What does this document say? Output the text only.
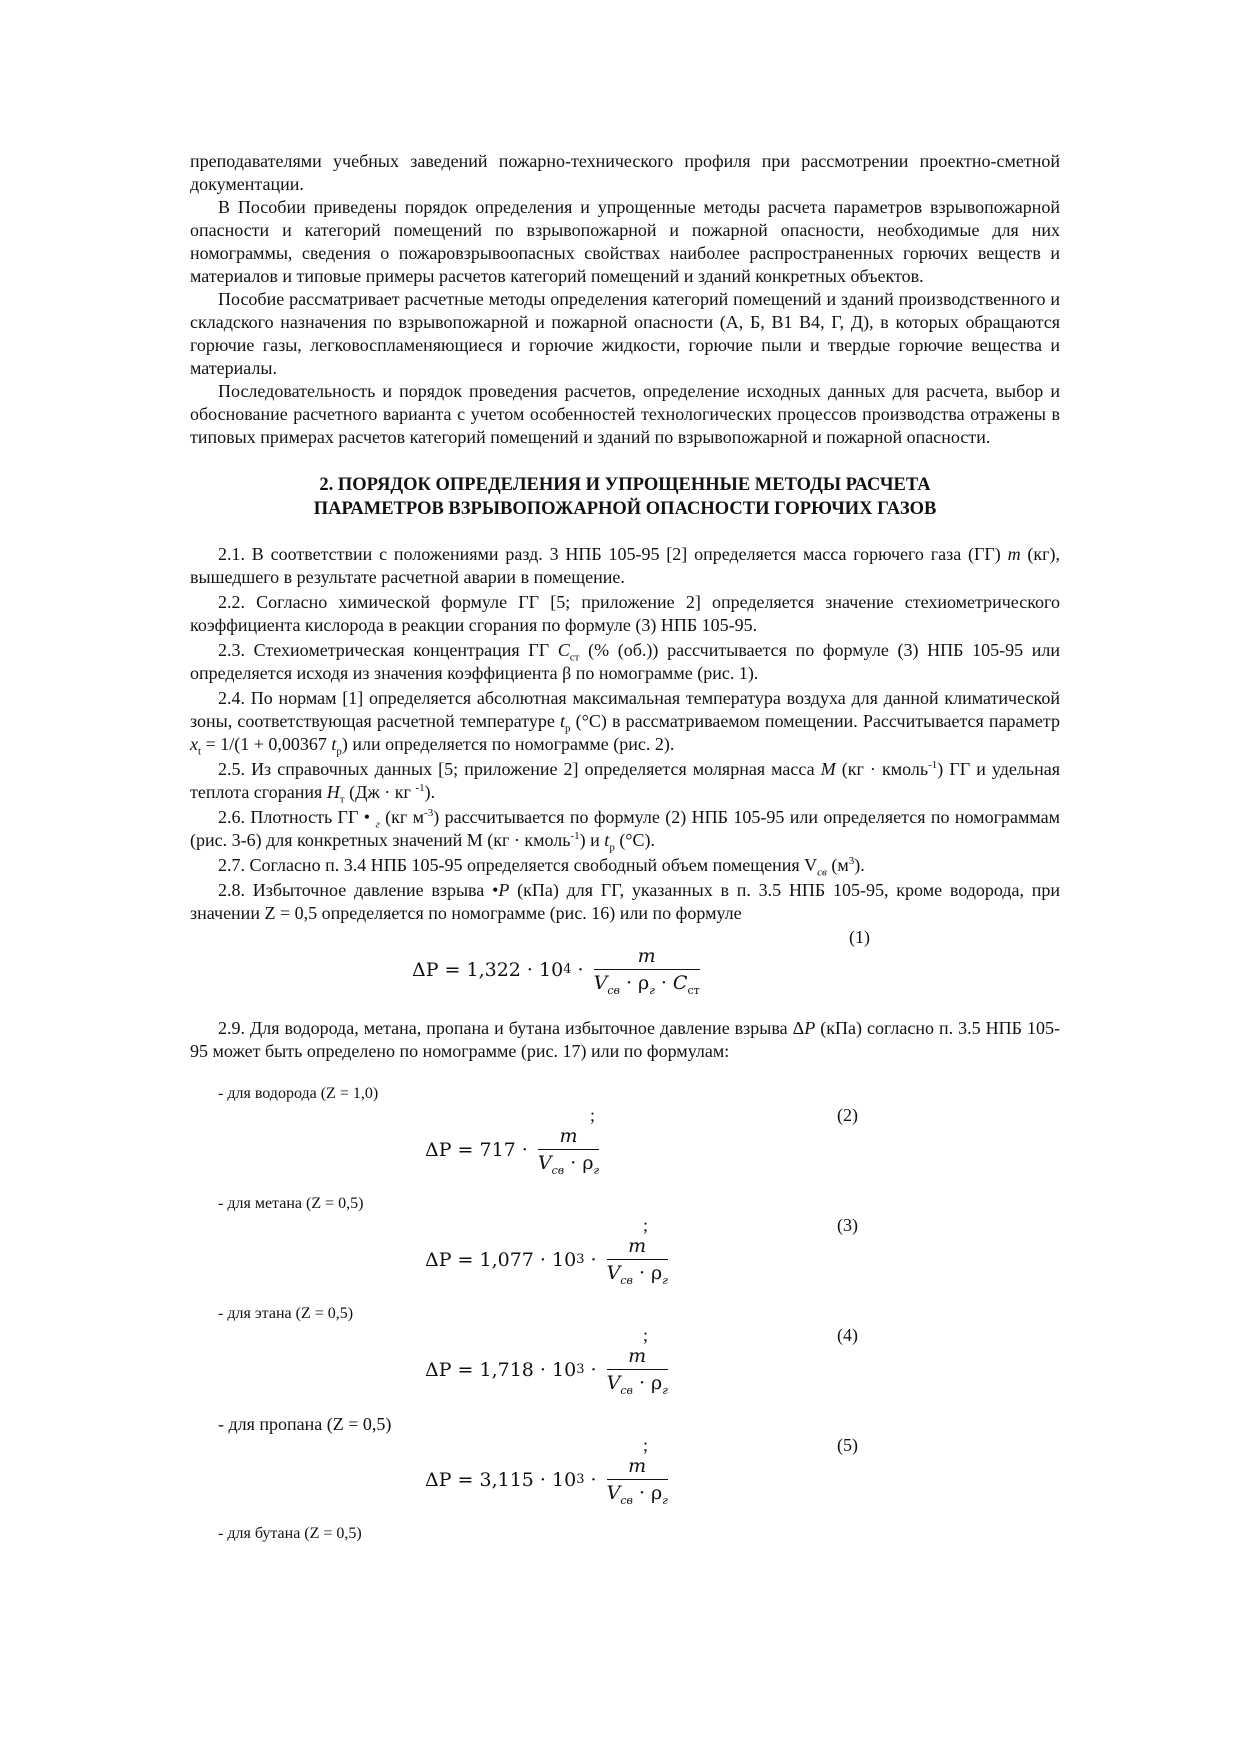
преподавателями учебных заведений пожарно-технического профиля при рассмотрении проектно-сметной документации.

В Пособии приведены порядок определения и упрощенные методы расчета параметров взрывопожарной опасности и категорий помещений по взрывопожарной и пожарной опасности, необходимые для них номограммы, сведения о пожаровзрывоопасных свойствах наиболее распространенных горючих веществ и материалов и типовые примеры расчетов категорий помещений и зданий конкретных объектов.

Пособие рассматривает расчетные методы определения категорий помещений и зданий производственного и складского назначения по взрывопожарной и пожарной опасности (А, Б, В1 В4, Г, Д), в которых обращаются горючие газы, легковоспламеняющиеся и горючие жидкости, горючие пыли и твердые горючие вещества и материалы.

Последовательность и порядок проведения расчетов, определение исходных данных для расчета, выбор и обоснование расчетного варианта с учетом особенностей технологических процессов производства отражены в типовых примерах расчетов категорий помещений и зданий по взрывопожарной и пожарной опасности.

2. ПОРЯДОК ОПРЕДЕЛЕНИЯ И УПРОЩЕННЫЕ МЕТОДЫ РАСЧЕТА
ПАРАМЕТРОВ ВЗРЫВОПОЖАРНОЙ ОПАСНОСТИ ГОРЮЧИХ ГАЗОВ

2.1. В соответствии с положениями разд. 3 НПБ 105-95 [2] определяется масса горючего газа (ГГ) m (кг), вышедшего в результате расчетной аварии в помещение.

2.2. Согласно химической формуле ГГ [5; приложение 2] определяется значение стехиометрического коэффициента кислорода в реакции сгорания по формуле (3) НПБ 105-95.

2.3. Стехиометрическая концентрация ГГ $C_{ст}$ (% (об.)) рассчитывается по формуле (3) НПБ 105-95 или определяется исходя из значения коэффициента β по номограмме (рис. 1).

2.4. По нормам [1] определяется абсолютная максимальная температура воздуха для данной климатической зоны, соответствующая расчетной температуре $t_р$ (°С) в рассматриваемом помещении. Рассчитывается параметр $x_t = 1/(1 + 0,00367$ $t_р$) или определяется по номограмме (рис. 2).

2.5. Из справочных данных [5; приложение 2] определяется молярная масса М (кг · кмоль$^{-1}$) ГГ и удельная теплота сгорания $Н_т$ (Дж · кг $^{-1}$).

2.6. Плотность ГГ • $_г$ (кг $м^{-3}$) рассчитывается по формуле (2) НПБ 105-95 или определяется по номограммам (рис. 3-6) для конкретных значений М (кг · кмоль$^{-1}$) и $t_р$ (°С).

2.7. Согласно п. 3.4 НПБ 105-95 определяется свободный объем помещения $V_{св}$ $(м^3)$.

2.8. Избыточное давление взрыва •P (кПа) для ГГ, указанных в п. 3.5 НПБ 105-95, кроме водорода, при значении Z = 0,5 определяется по номограмме (рис. 16) или по формуле

(1)
ΔP = 1,322 · 10 $4 \cdot \frac{m}{V_{св} \cdot \rho_г \cdot C_{ст}}$

2.9. Для водорода, метана, пропана и бутана избыточное давление взрыва ΔP (кПа) согласно п. 3.5 НПБ 105-95 может быть определено по номограмме (рис. 17) или по формулам:

- для водорода (Z = 1,0)

;	(2)
$\Delta P = 717 \cdot \frac{m}{V_{св} \cdot \rho_г}$

- для метана (Z = 0,5)

;	(3)
ΔP = 1,077 · 10 $3 \cdot \frac{m}{V_{св} \cdot \rho_г}$

- для этана (Z = 0,5)

;	(4)
ΔP = 1,718 · 10 $3 \cdot \frac{m}{V_{св} \cdot \rho_г}$

- для пропана (Z = 0,5)

;	(5)
ΔP = 3,115 · 10 $3 \cdot \frac{m}{V_{св} \cdot \rho_г}$

- для бутана (Z = 0,5)
